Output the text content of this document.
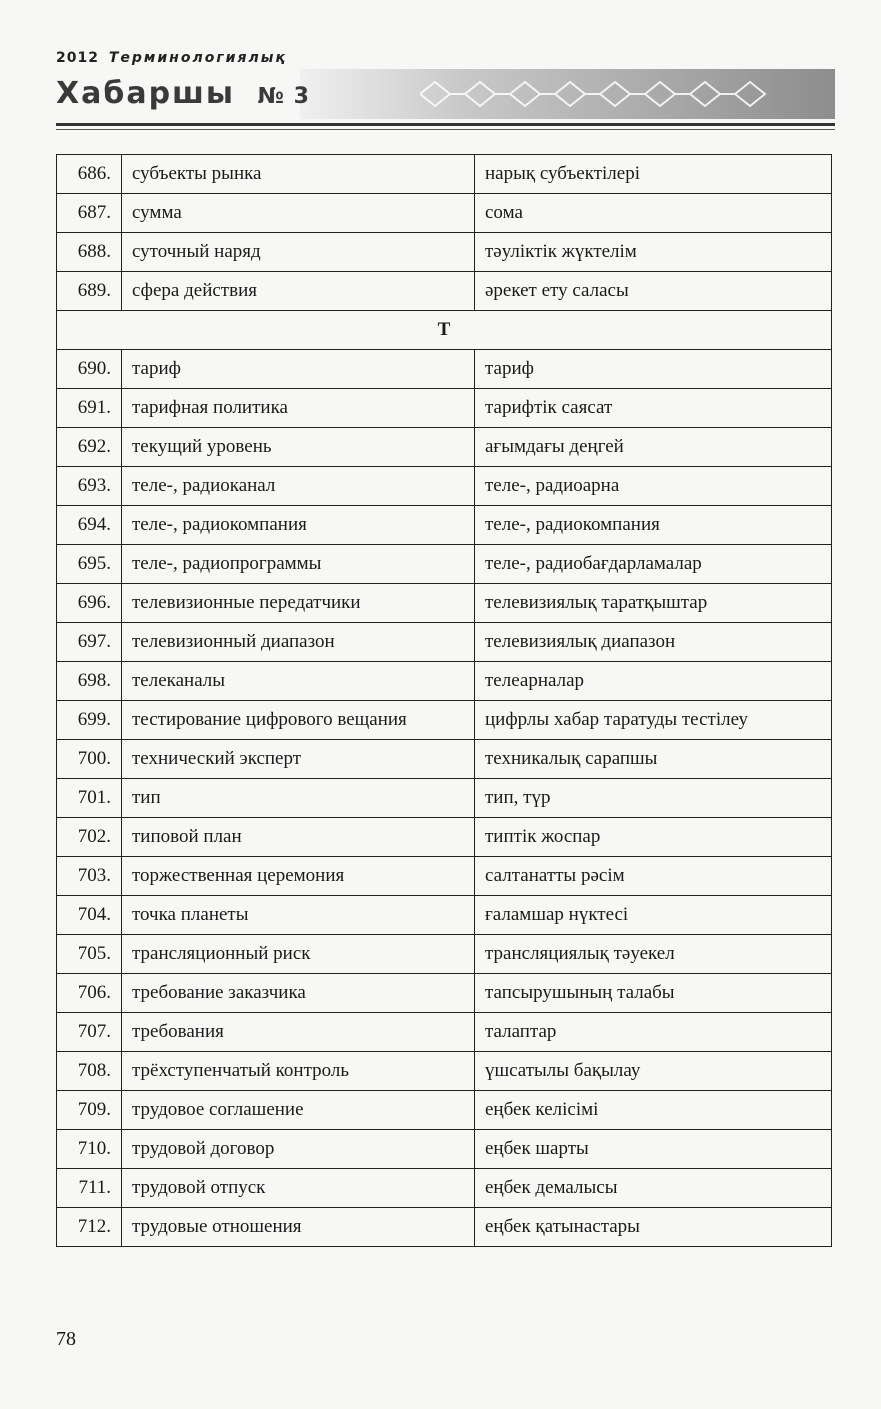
2012 Терминологиялық
Хабаршы № 3
686.	субъекты рынка	нарық субъектілері
687.	сумма	сома
688.	суточный наряд	тәуліктік жүктелім
689.	сфера действия	әрекет ету саласы
Т		
690.	тариф	тариф
691.	тарифная политика	тарифтік саясат
692.	текущий уровень	ағымдағы деңгей
693.	теле-, радиоканал	теле-, радиоарна
694.	теле-, радиокомпания	теле-, радиокомпания
695.	теле-, радиопрограммы	теле-, радиобағдарламалар
696.	телевизионные передатчики	телевизиялық таратқыштар
697.	телевизионный диапазон	телевизиялық диапазон
698.	телеканалы	телеарналар
699.	тестирование цифрового вещания	цифрлы хабар таратуды тестілеу
700.	технический эксперт	техникалық сарапшы
701.	тип	тип, түр
702.	типовой план	типтік жоспар
703.	торжественная церемония	салтанатты рәсім
704.	точка планеты	ғаламшар нүктесі
705.	трансляционный риск	трансляциялық тәуекел
706.	требование заказчика	тапсырушының талабы
707.	требования	талаптар
708.	трёхступенчатый контроль	үшсатылы бақылау
709.	трудовое соглашение	еңбек келісімі
710.	трудовой договор	еңбек шарты
711.	трудовой отпуск	еңбек демалысы
712.	трудовые отношения	еңбек қатынастары
78
